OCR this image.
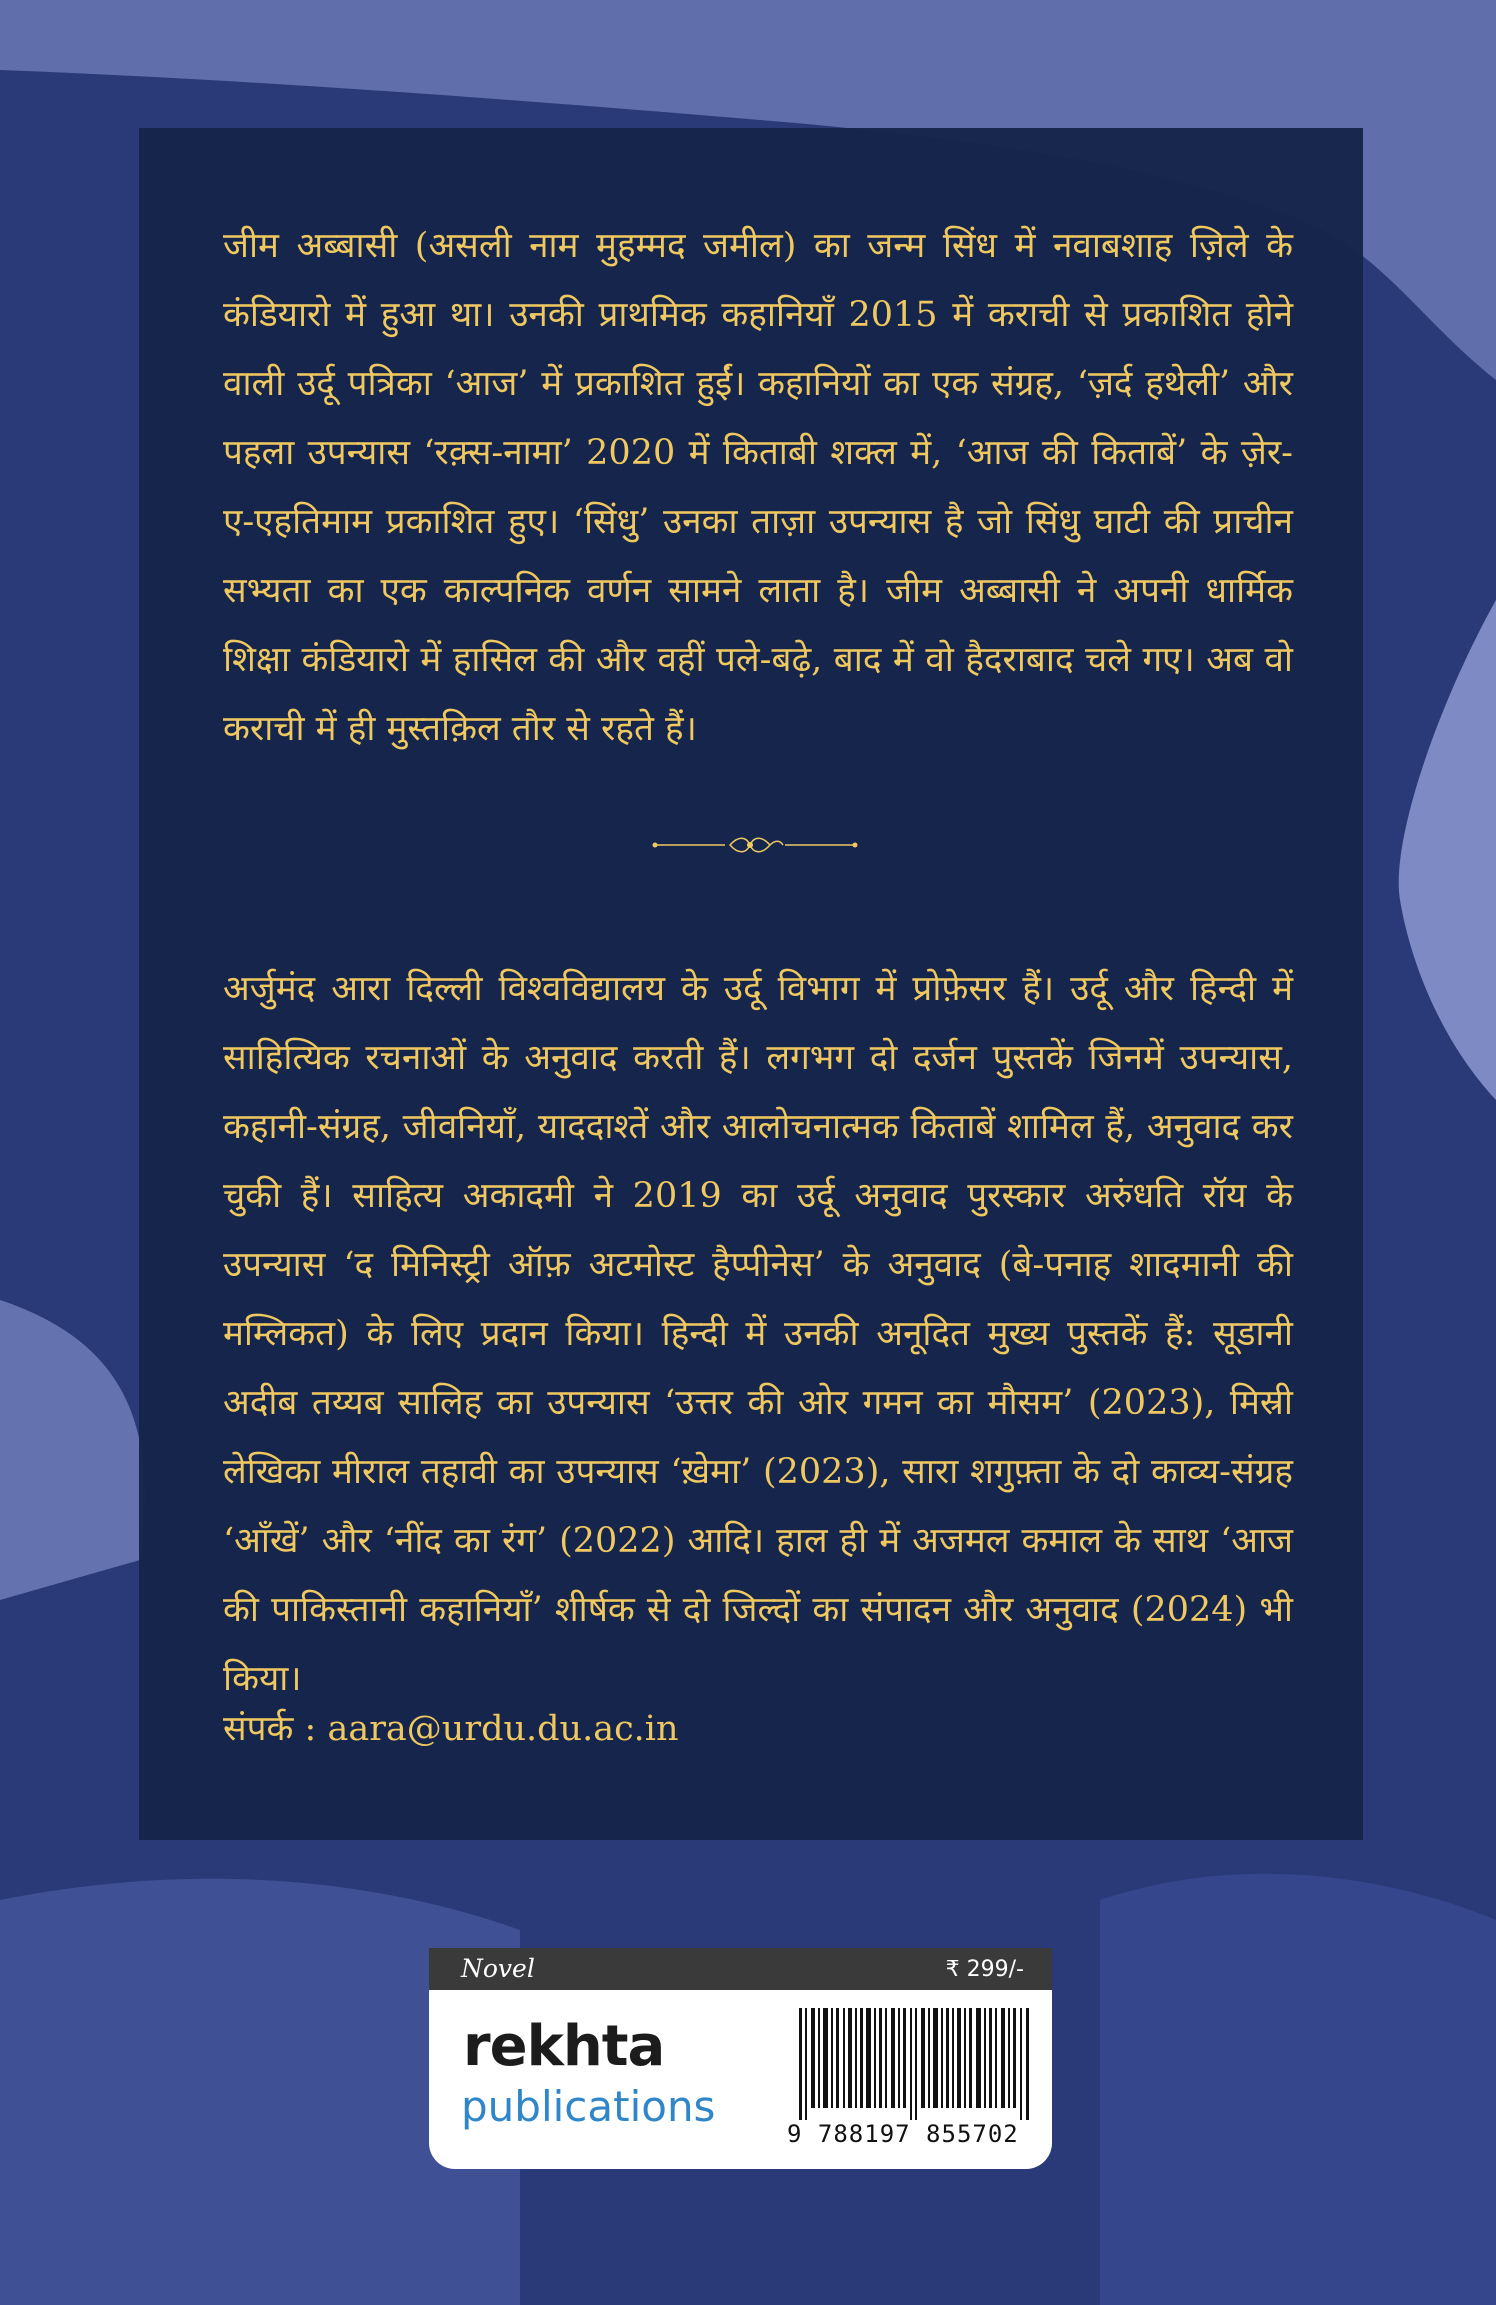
जीम अब्बासी (असली नाम मुहम्मद जमील) का जन्म सिंध में नवाबशाह ज़िले के कंडियारो में हुआ था। उनकी प्राथमिक कहानियाँ 2015 में कराची से प्रकाशित होने वाली उर्दू पत्रिका ‘आज’ में प्रकाशित हुईं। कहानियों का एक संग्रह, ‘ज़र्द हथेली’ और पहला उपन्यास ‘रक़्स-नामा’ 2020 में किताबी शक्ल में, ‘आज की किताबें’ के ज़ेर-ए-एहतिमाम प्रकाशित हुए। ‘सिंधु’ उनका ताज़ा उपन्यास है जो सिंधु घाटी की प्राचीन सभ्यता का एक काल्पनिक वर्णन सामने लाता है। जीम अब्बासी ने अपनी धार्मिक शिक्षा कंडियारो में हासिल की और वहीं पले-बढ़े, बाद में वो हैदराबाद चले गए। अब वो कराची में ही मुस्तक़िल तौर से रहते हैं।
अर्जुमंद आरा दिल्ली विश्वविद्यालय के उर्दू विभाग में प्रोफ़ेसर हैं। उर्दू और हिन्दी में साहित्यिक रचनाओं के अनुवाद करती हैं। लगभग दो दर्जन पुस्तकें जिनमें उपन्यास, कहानी-संग्रह, जीवनियाँ, याददाश्तें और आलोचनात्मक किताबें शामिल हैं, अनुवाद कर चुकी हैं। साहित्य अकादमी ने 2019 का उर्दू अनुवाद पुरस्कार अरुंधति रॉय के उपन्यास ‘द मिनिस्ट्री ऑफ़ अटमोस्ट हैप्पीनेस’ के अनुवाद (बे-पनाह शादमानी की मम्लिकत) के लिए प्रदान किया। हिन्दी में उनकी अनूदित मुख्य पुस्तकें हैं: सूडानी अदीब तय्यब सालिह का उपन्यास ‘उत्तर की ओर गमन का मौसम’ (2023), मिस्री लेखिका मीराल तहावी का उपन्यास ‘ख़ेमा’ (2023), सारा शगुफ़्ता के दो काव्य-संग्रह ‘आँखें’ और ‘नींद का रंग’ (2022) आदि। हाल ही में अजमल कमाल के साथ ‘आज की पाकिस्तानी कहानियाँ’ शीर्षक से दो जिल्दों का संपादन और अनुवाद (2024) भी किया।
संपर्क : aara@urdu.du.ac.in
Novel	₹ 299/-
rekhta
publications
9 788197 855702
